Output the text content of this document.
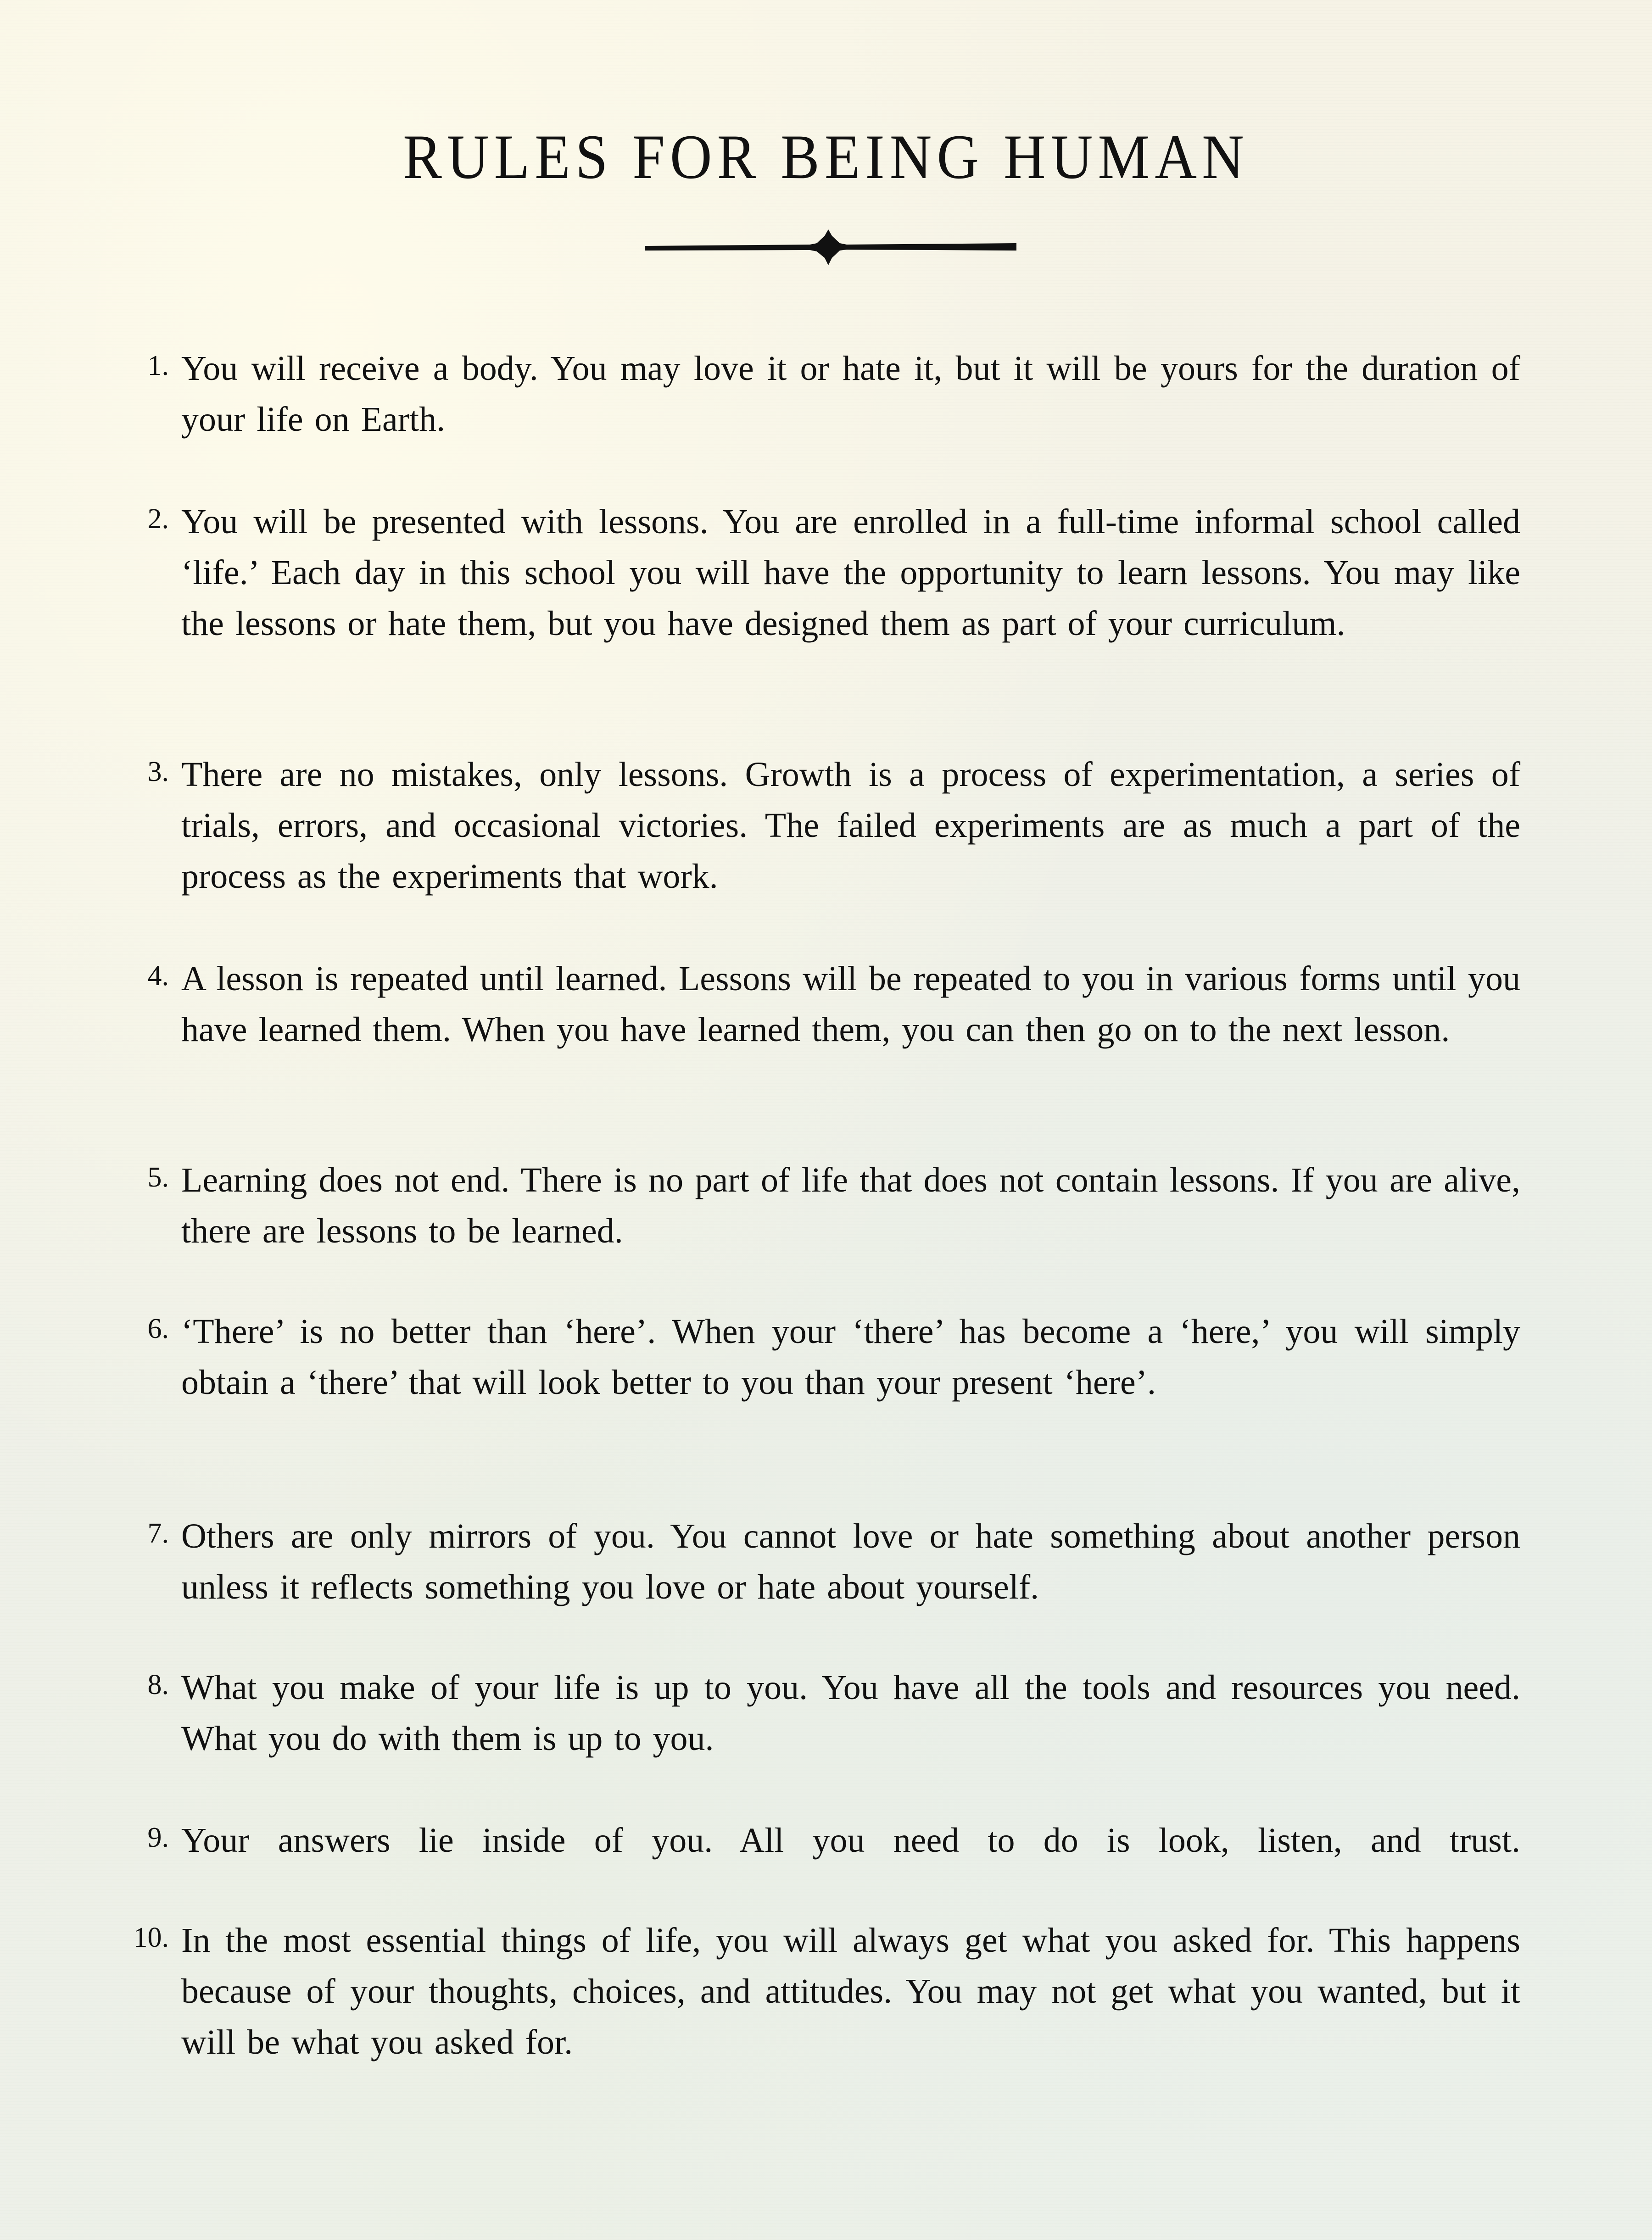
RULES FOR BEING HUMAN
1. You will receive a body. You may love it or hate it, but it will be yours for the duration of your life on Earth.
2. You will be presented with lessons. You are enrolled in a full-time informal school called ‘life.’ Each day in this school you will have the opportunity to learn lessons. You may like the lessons or hate them, but you have designed them as part of your curriculum.
3. There are no mistakes, only lessons. Growth is a process of experimentation, a series of trials, errors, and occasional victories. The failed experiments are as much a part of the process as the experiments that work.
4. A lesson is repeated until learned. Lessons will be repeated to you in various forms until you have learned them. When you have learned them, you can then go on to the next lesson.
5. Learning does not end. There is no part of life that does not contain lessons. If you are alive, there are lessons to be learned.
6. ‘There’ is no better than ‘here’. When your ‘there’ has become a ‘here,’ you will simply obtain a ‘there’ that will look better to you than your present ‘here’.
7. Others are only mirrors of you. You cannot love or hate something about another person unless it reflects something you love or hate about yourself.
8. What you make of your life is up to you. You have all the tools and resources you need. What you do with them is up to you.
9. Your answers lie inside of you. All you need to do is look, listen, and trust.
10. In the most essential things of life, you will always get what you asked for. This happens because of your thoughts, choices, and attitudes. You may not get what you wanted, but it will be what you asked for.
